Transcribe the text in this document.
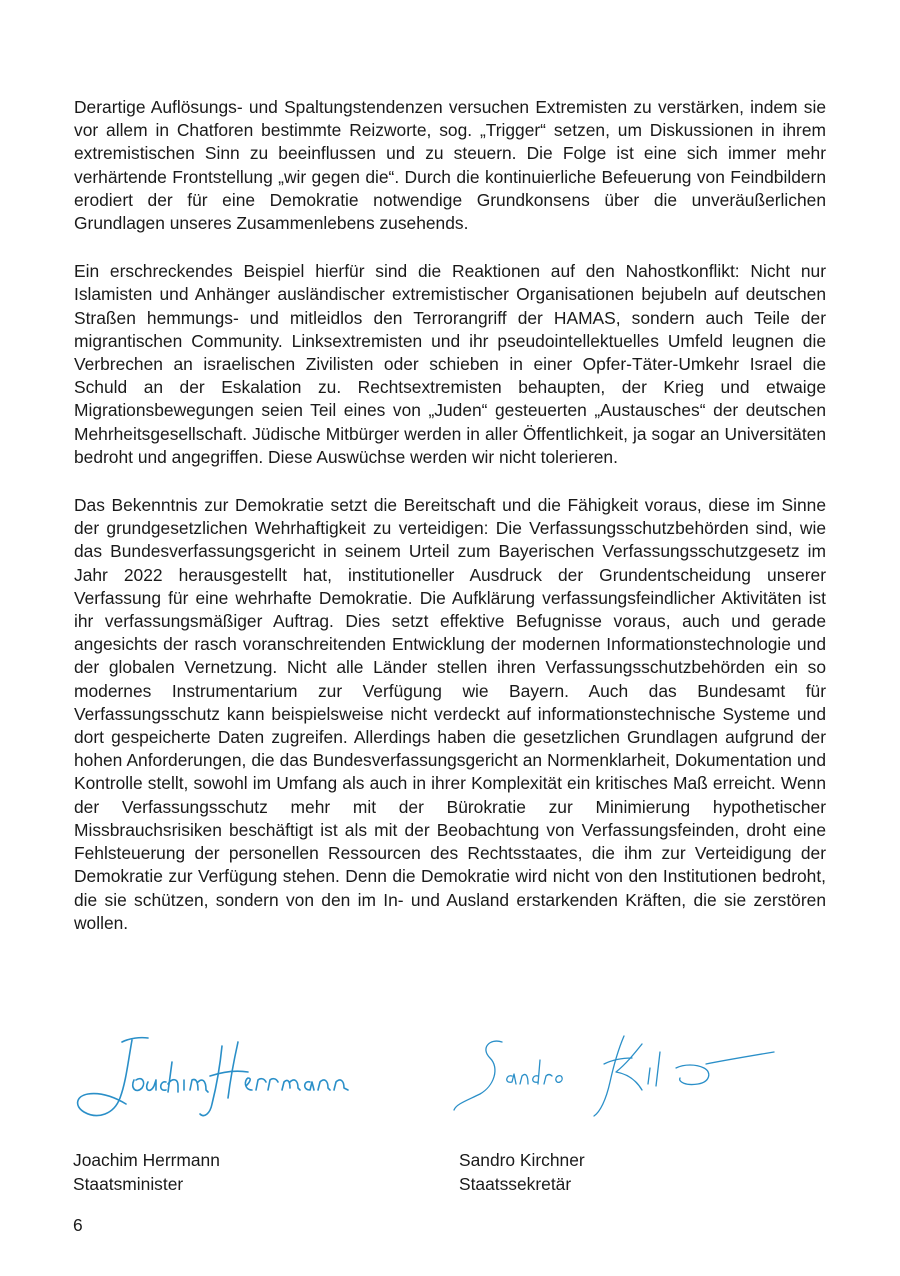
Derartige Auflösungs- und Spaltungstendenzen versuchen Extremisten zu verstärken, indem sie vor allem in Chatforen bestimmte Reizworte, sog. „Trigger“ setzen, um Diskussionen in ihrem extremistischen Sinn zu beeinflussen und zu steuern. Die Folge ist eine sich immer mehr verhärtende Frontstellung „wir gegen die“. Durch die kontinuierliche Befeuerung von Feindbildern erodiert der für eine Demokratie notwendige Grundkonsens über die unveräußerlichen Grundlagen unseres Zusammenlebens zusehends.

Ein erschreckendes Beispiel hierfür sind die Reaktionen auf den Nahostkonflikt: Nicht nur Islamisten und Anhänger ausländischer extremistischer Organisationen bejubeln auf deutschen Straßen hemmungs- und mitleidlos den Terrorangriff der HAMAS, sondern auch Teile der migrantischen Community. Linksextremisten und ihr pseudointellektuelles Umfeld leugnen die Verbrechen an israelischen Zivilisten oder schieben in einer Opfer-Täter-Umkehr Israel die Schuld an der Eskalation zu. Rechtsextremisten behaupten, der Krieg und etwaige Migrationsbewegungen seien Teil eines von „Juden“ gesteuerten „Austausches“ der deutschen Mehrheitsgesellschaft. Jüdische Mitbürger werden in aller Öffentlichkeit, ja sogar an Universitäten bedroht und angegriffen. Diese Auswüchse werden wir nicht tolerieren.

Das Bekenntnis zur Demokratie setzt die Bereitschaft und die Fähigkeit voraus, diese im Sinne der grundgesetzlichen Wehrhaftigkeit zu verteidigen: Die Verfassungsschutzbehörden sind, wie das Bundesverfassungsgericht in seinem Urteil zum Bayerischen Verfassungsschutzgesetz im Jahr 2022 herausgestellt hat, institutioneller Ausdruck der Grundentscheidung unserer Verfassung für eine wehrhafte Demokratie. Die Aufklärung verfassungsfeindlicher Aktivitäten ist ihr verfassungsmäßiger Auftrag. Dies setzt effektive Befugnisse voraus, auch und gerade angesichts der rasch voranschreitenden Entwicklung der modernen Informationstechnologie und der globalen Vernetzung. Nicht alle Länder stellen ihren Verfassungsschutzbehörden ein so modernes Instrumentarium zur Verfügung wie Bayern. Auch das Bundesamt für Verfassungsschutz kann beispielsweise nicht verdeckt auf informationstechnische Systeme und dort gespeicherte Daten zugreifen. Allerdings haben die gesetzlichen Grundlagen aufgrund der hohen Anforderungen, die das Bundesverfassungsgericht an Normenklarheit, Dokumentation und Kontrolle stellt, sowohl im Umfang als auch in ihrer Komplexität ein kritisches Maß erreicht. Wenn der Verfassungsschutz mehr mit der Bürokratie zur Minimierung hypothetischer Missbrauchsrisiken beschäftigt ist als mit der Beobachtung von Verfassungsfeinden, droht eine Fehlsteuerung der personellen Ressourcen des Rechtsstaates, die ihm zur Verteidigung der Demokratie zur Verfügung stehen. Denn die Demokratie wird nicht von den Institutionen bedroht, die sie schützen, sondern von den im In- und Ausland erstarkenden Kräften, die sie zerstören wollen.

Joachim Herrmann
Staatsminister
Sandro Kirchner
Staatssekretär
6
